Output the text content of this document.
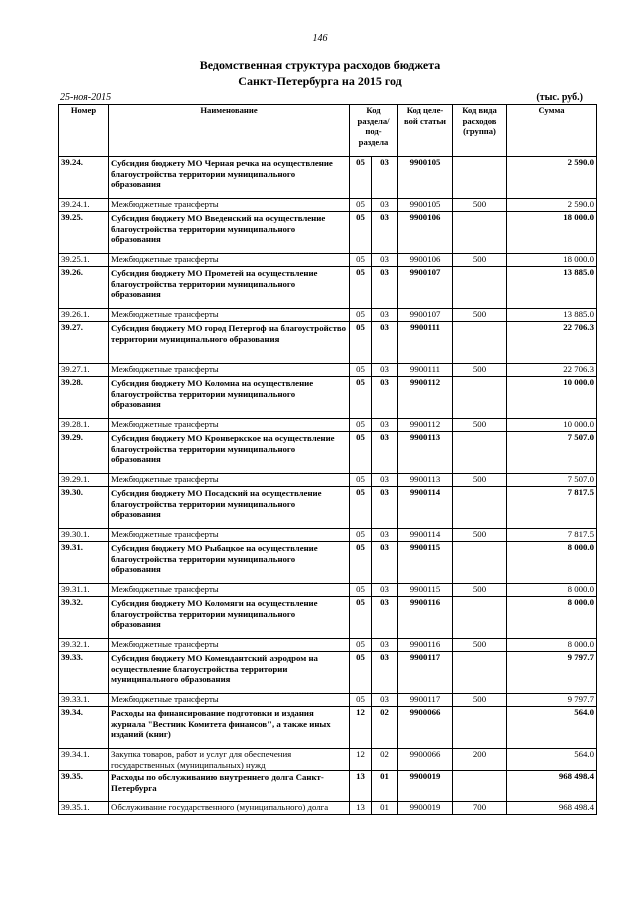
146
Ведомственная структура расходов бюджета
Санкт-Петербурга на 2015 год
25-ноя-2015	(тыс. руб.)
Номер	Наименование	Код раздела/ под- раздела		Код целе- вой статьи	Код вида расходов (группа)	Сумма
39.24.	Субсидия бюджету МО Черная речка на осуществление благоустройства территории муниципального образования	05	03	9900105		2 590.0
39.24.1.	Межбюджетные трансферты	05	03	9900105	500	2 590.0
39.25.	Субсидия бюджету МО Введенский на осуществление благоустройства территории муниципального образования	05	03	9900106		18 000.0
39.25.1.	Межбюджетные трансферты	05	03	9900106	500	18 000.0
39.26.	Субсидия бюджету МО Прометей на осуществление благоустройства территории муниципального образования	05	03	9900107		13 885.0
39.26.1.	Межбюджетные трансферты	05	03	9900107	500	13 885.0
39.27.	Субсидия бюджету МО город Петергоф на благоустройство территории муниципального образования	05	03	9900111		22 706.3
39.27.1.	Межбюджетные трансферты	05	03	9900111	500	22 706.3
39.28.	Субсидия бюджету МО Коломна на осуществление благоустройства территории муниципального образования	05	03	9900112		10 000.0
39.28.1.	Межбюджетные трансферты	05	03	9900112	500	10 000.0
39.29.	Субсидия бюджету МО Кронверкское на осуществление благоустройства территории муниципального образования	05	03	9900113		7 507.0
39.29.1.	Межбюджетные трансферты	05	03	9900113	500	7 507.0
39.30.	Субсидия бюджету МО Посадский на осуществление благоустройства территории муниципального образования	05	03	9900114		7 817.5
39.30.1.	Межбюджетные трансферты	05	03	9900114	500	7 817.5
39.31.	Субсидия бюджету МО Рыбацкое на осуществление благоустройства территории муниципального образования	05	03	9900115		8 000.0
39.31.1.	Межбюджетные трансферты	05	03	9900115	500	8 000.0
39.32.	Субсидия бюджету МО Коломяги на осуществление благоустройства территории муниципального образования	05	03	9900116		8 000.0
39.32.1.	Межбюджетные трансферты	05	03	9900116	500	8 000.0
39.33.	Субсидия бюджету МО Комендантский аэродром на осуществление благоустройства территории муниципального образования	05	03	9900117		9 797.7
39.33.1.	Межбюджетные трансферты	05	03	9900117	500	9 797.7
39.34.	Расходы на финансирование подготовки и издания журнала "Вестник Комитета финансов", а также иных изданий (книг)	12	02	9900066		564.0
39.34.1.	Закупка товаров, работ и услуг для обеспечения государственных (муниципальных) нужд	12	02	9900066	200	564.0
39.35.	Расходы по обслуживанию внутреннего долга Санкт-Петербурга	13	01	9900019		968 498.4
39.35.1.	Обслуживание государственного (муниципального) долга	13	01	9900019	700	968 498.4
